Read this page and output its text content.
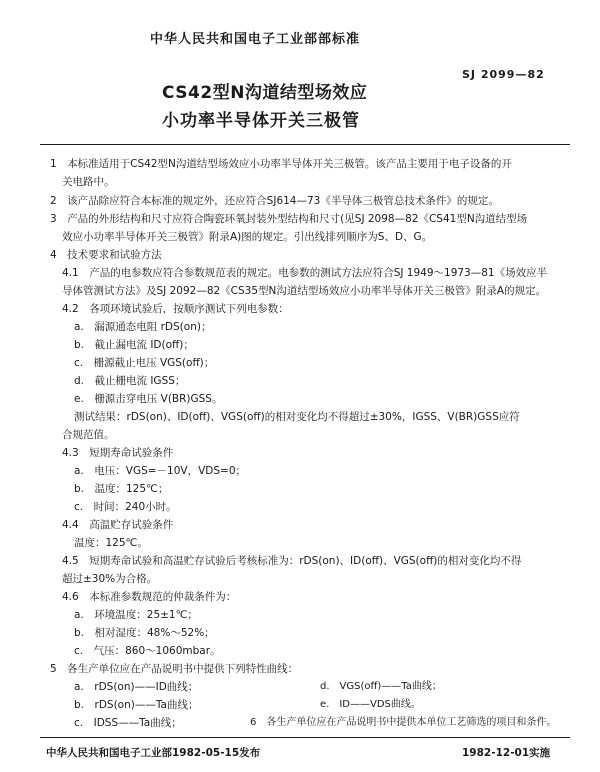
中华人民共和国电子工业部部标准
SJ 2099—82
CS42型N沟道结型场效应
小功率半导体开关三极管
1　本标准适用于CS42型N沟道结型场效应小功率半导体开关三极管。该产品主要用于电子设备的开
关电路中。
2　该产品除应符合本标准的规定外，还应符合SJ614—73《半导体三极管总技术条件》的规定。
3　产品的外形结构和尺寸应符合陶瓷环氧封装外型结构和尺寸(见SJ 2098—82《CS41型N沟道结型场
效应小功率半导体开关三极管》附录A)图的规定。引出线排列顺序为S、D、G。
4　技术要求和试验方法
4.1　产品的电参数应符合参数规范表的规定。电参数的测试方法应符合SJ 1949～1973—81《场效应半
导体管测试方法》及SJ 2092—82《CS35型N沟道结型场效应小功率半导体开关三极管》附录A的规定。
4.2　各项环境试验后，按顺序测试下列电参数：
a.　漏源通态电阻 rDS(on)；
b.　截止漏电流 ID(off)；
c.　栅源截止电压 VGS(off)；
d.　截止栅电流 IGSS；
e.　栅源击穿电压 V(BR)GSS。
测试结果：rDS(on)、ID(off)、VGS(off)的相对变化均不得超过±30%，IGSS、V(BR)GSS应符
合规范值。
4.3　短期寿命试验条件
a.　电压：VGS=－10V，VDS=0；
b.　温度：125℃；
c.　时间：240小时。
4.4　高温贮存试验条件
温度：125℃。
4.5　短期寿命试验和高温贮存试验后考核标准为：rDS(on)、ID(off)、VGS(off)的相对变化均不得
超过±30%为合格。
4.6　本标准参数规范的仲裁条件为：
a.　环境温度：25±1℃；
b.　相对湿度：48%～52%；
c.　气压：860～1060mbar。
5　各生产单位应在产品说明书中提供下列特性曲线：
a.　rDS(on)——ID曲线；
b.　rDS(on)——Ta曲线；
c.　IDSS——Ta曲线；
中华人民共和国电子工业部1982-05-15发布	1982-12-01实施
d.　VGS(off)——Ta曲线；
e.　ID——VDS曲线。
6　各生产单位应在产品说明书中提供本单位工艺筛选的项目和条件。
